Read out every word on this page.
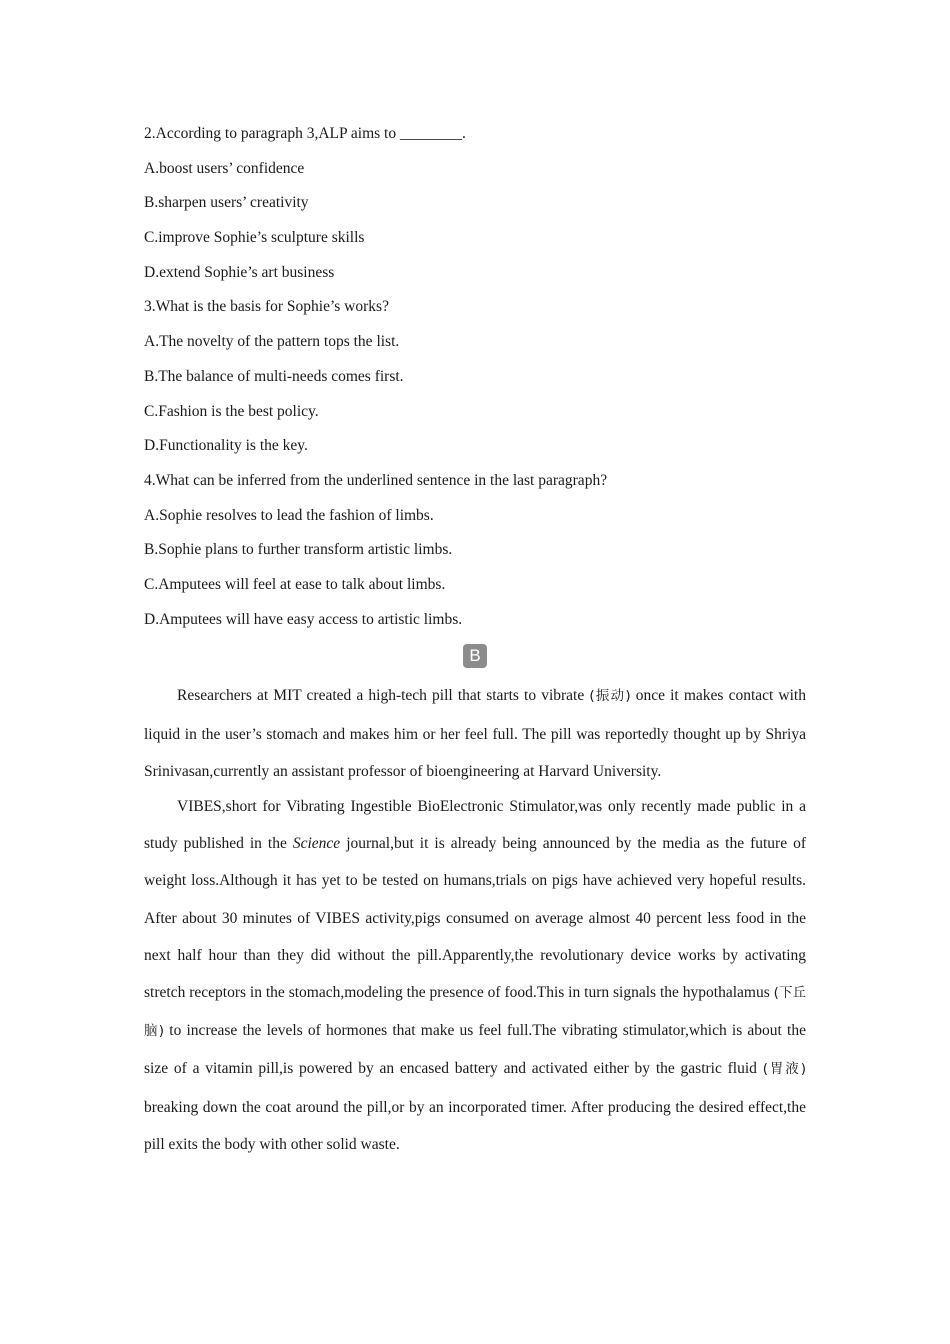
2.According to paragraph 3,ALP aims to ________.
A.boost users’ confidence
B.sharpen users’ creativity
C.improve Sophie’s sculpture skills
D.extend Sophie’s art business
3.What is the basis for Sophie’s works?
A.The novelty of the pattern tops the list.
B.The balance of multi-needs comes first.
C.Fashion is the best policy.
D.Functionality is the key.
4.What can be inferred from the underlined sentence in the last paragraph?
A.Sophie resolves to lead the fashion of limbs.
B.Sophie plans to further transform artistic limbs.
C.Amputees will feel at ease to talk about limbs.
D.Amputees will have easy access to artistic limbs.
B

Researchers at MIT created a high-tech pill that starts to vibrate (振动) once it makes contact with liquid in the user’s stomach and makes him or her feel full. The pill was reportedly thought up by Shriya Srinivasan,currently an assistant professor of bioengineering at Harvard University.

VIBES,short for Vibrating Ingestible BioElectronic Stimulator,was only recently made public in a study published in the Science journal,but it is already being announced by the media as the future of weight loss.Although it has yet to be tested on humans,trials on pigs have achieved very hopeful results. After about 30 minutes of VIBES activity,pigs consumed on average almost 40 percent less food in the next half hour than they did without the pill.Apparently,the revolutionary device works by activating stretch receptors in the stomach,modeling the presence of food.This in turn signals the hypothalamus (下丘脑) to increase the levels of hormones that make us feel full.The vibrating stimulator,which is about the size of a vitamin pill,is powered by an encased battery and activated either by the gastric fluid (胃液) breaking down the coat around the pill,or by an incorporated timer. After producing the desired effect,the pill exits the body with other solid waste.
